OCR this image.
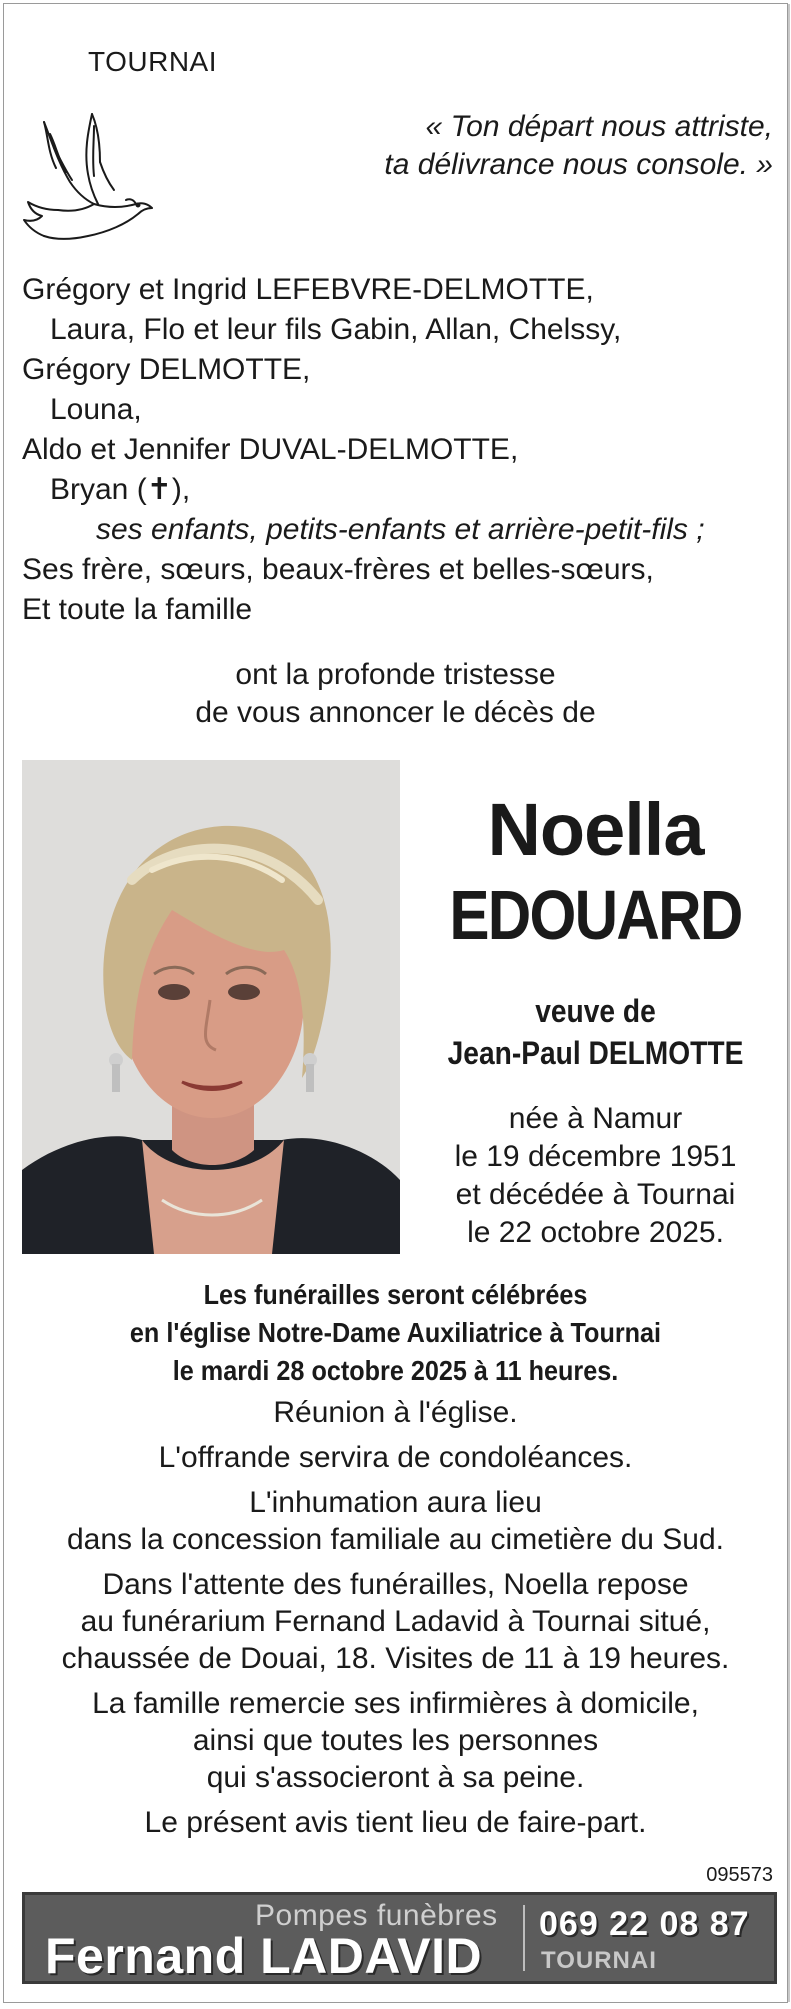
TOURNAI
« Ton départ nous attriste,
ta délivrance nous console. »
Grégory et Ingrid LEFEBVRE-DELMOTTE,
Laura, Flo et leur fils Gabin, Allan, Chelssy,
Grégory DELMOTTE,
Louna,
Aldo et Jennifer DUVAL-DELMOTTE,
Bryan (✝),
ses enfants, petits-enfants et arrière-petit-fils ;
Ses frère, sœurs, beaux-frères et belles-sœurs,
Et toute la famille
ont la profonde tristesse
de vous annoncer le décès de
Noella
EDOUARD
veuve de
Jean-Paul DELMOTTE
née à Namur
le 19 décembre 1951
et décédée à Tournai
le 22 octobre 2025.
Les funérailles seront célébrées
en l'église Notre-Dame Auxiliatrice à Tournai
le mardi 28 octobre 2025 à 11 heures.
Réunion à l'église.
L'offrande servira de condoléances.
L'inhumation aura lieu
dans la concession familiale au cimetière du Sud.
Dans l'attente des funérailles, Noella repose
au funérarium Fernand Ladavid à Tournai situé,
chaussée de Douai, 18. Visites de 11 à 19 heures.
La famille remercie ses infirmières à domicile,
ainsi que toutes les personnes
qui s'associeront à sa peine.
Le présent avis tient lieu de faire-part.
095573
Pompes funèbres
Fernand LADAVID
069 22 08 87
TOURNAI
